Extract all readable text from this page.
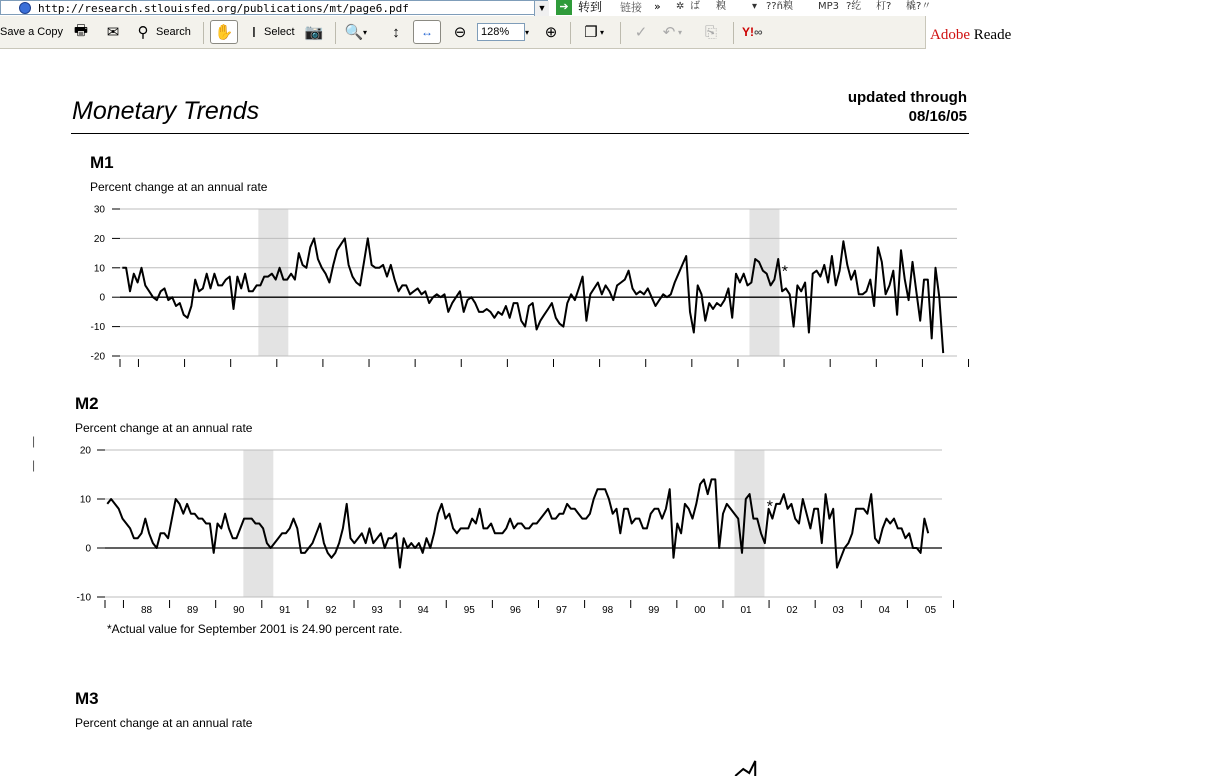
http://research.stlouisfed.org/publications/mt/page6.pdf	▼	➔ 转到 链接 » ✲ ば 糗	▾ ??ñ糗	MP3 ?纥 朾? 橇?〃
Save a Copy 🖶 ✉ ⚲ Search ✋	I Select 📷 🔍 ▾	↕	↔ ⊖	128%	▾ ⊕ ❐ ▾ ✓ ↶ ▾ ⎘ Y! ∞	Adobe Reade
Monetary Trends	updated through
08/16/05
M1
Percent change at an annual rate
M2
Percent change at an annual rate
|
|
*Actual value for September 2001 is 24.90 percent rate.
M3
Percent change at an annual rate
-20
-10
0
10
20
30
*
-10
0
10
20
88	89	90	91	92	93	94	95	96	97	98	99	00	01	02	03	04	05
*
